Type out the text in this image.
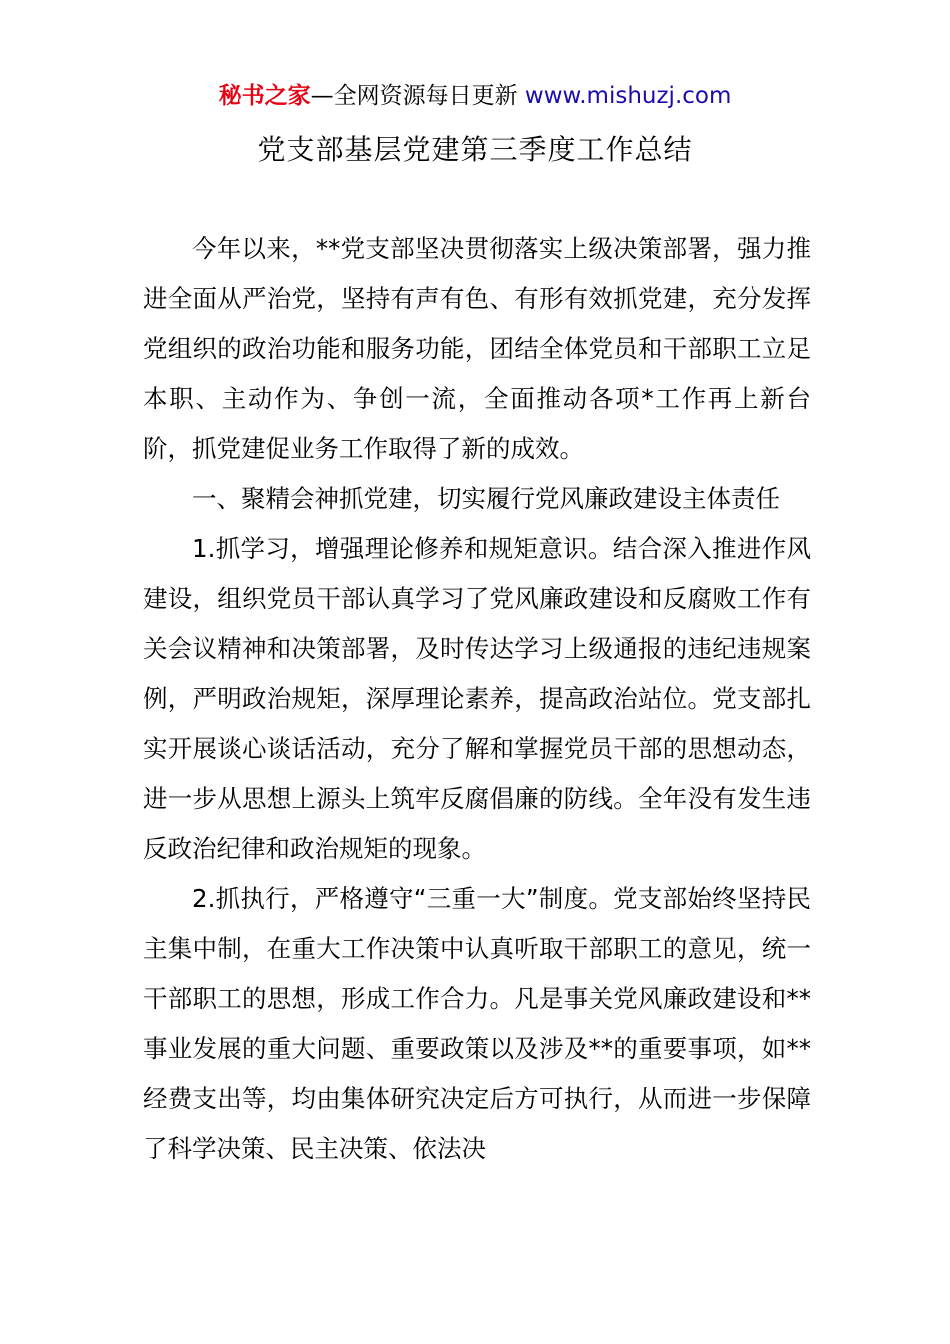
秘书之家—全网资源每日更新 www.mishuzj.com
党支部基层党建第三季度工作总结

今年以来，**党支部坚决贯彻落实上级决策部署，强力推进全面从严治党，坚持有声有色、有形有效抓党建，充分发挥党组织的政治功能和服务功能，团结全体党员和干部职工立足本职、主动作为、争创一流，全面推动各项*工作再上新台阶，抓党建促业务工作取得了新的成效。

一、聚精会神抓党建，切实履行党风廉政建设主体责任

1.抓学习，增强理论修养和规矩意识。结合深入推进作风建设，组织党员干部认真学习了党风廉政建设和反腐败工作有关会议精神和决策部署，及时传达学习上级通报的违纪违规案例，严明政治规矩，深厚理论素养，提高政治站位。党支部扎实开展谈心谈话活动，充分了解和掌握党员干部的思想动态，进一步从思想上源头上筑牢反腐倡廉的防线。全年没有发生违反政治纪律和政治规矩的现象。

2.抓执行，严格遵守“三重一大”制度。党支部始终坚持民主集中制，在重大工作决策中认真听取干部职工的意见，统一干部职工的思想，形成工作合力。凡是事关党风廉政建设和**事业发展的重大问题、重要政策以及涉及**的重要事项，如**经费支出等，均由集体研究决定后方可执行，从而进一步保障了科学决策、民主决策、依法决
